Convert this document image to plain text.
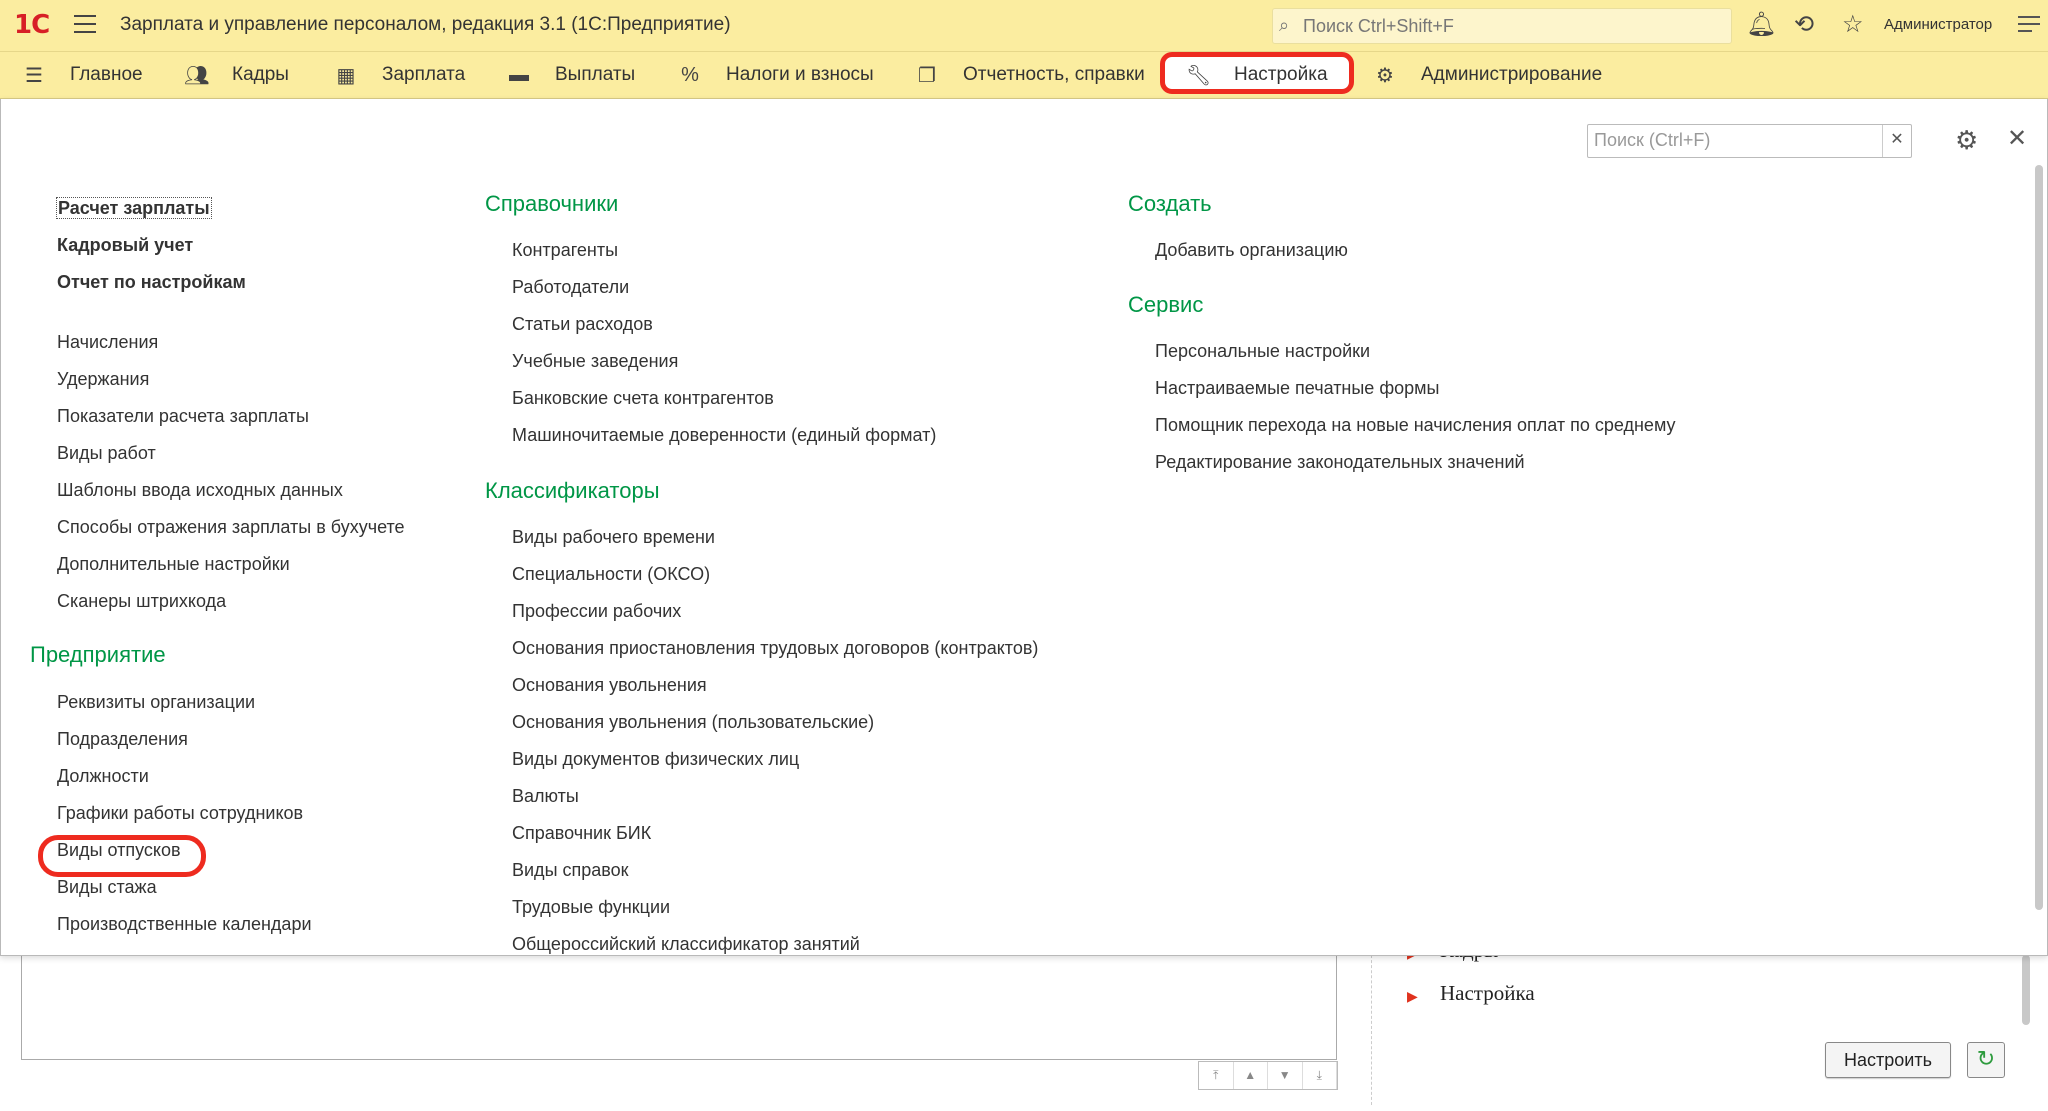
1С	Зарплата и управление персоналом, редакция 3.1 (1С:Предприятие)	⌕ Поиск Ctrl+Shift+F	🔔︎ ⟲ ☆ Администратор
☰ Главное 👥︎ Кадры ▦ Зарплата ▬ Выплаты % Налоги и взносы ❐ Отчетность, справки 🔧︎ Настройка ⚙ Администрирование
⤒	▲	▼	⤓
▶ Настройка
Настроить	↻
Поиск (Ctrl+F)	✕ ⚙ ✕
Расчет зарплаты
Кадровый учет
Отчет по настройкам
Начисления
Удержания
Показатели расчета зарплаты
Виды работ
Шаблоны ввода исходных данных
Способы отражения зарплаты в бухучете
Дополнительные настройки
Сканеры штрихкода
Предприятие
Реквизиты организации
Подразделения
Должности
Графики работы сотрудников
Виды отпусков
Виды стажа
Производственные календари
Справочники
Контрагенты
Работодатели
Статьи расходов
Учебные заведения
Банковские счета контрагентов
Машиночитаемые доверенности (единый формат)
Классификаторы
Виды рабочего времени
Специальности (ОКСО)
Профессии рабочих
Основания приостановления трудовых договоров (контрактов)
Основания увольнения
Основания увольнения (пользовательские)
Виды документов физических лиц
Валюты
Справочник БИК
Виды справок
Трудовые функции
Общероссийский классификатор занятий
Создать
Добавить организацию
Сервис
Персональные настройки
Настраиваемые печатные формы
Помощник перехода на новые начисления оплат по среднему
Редактирование законодательных значений
